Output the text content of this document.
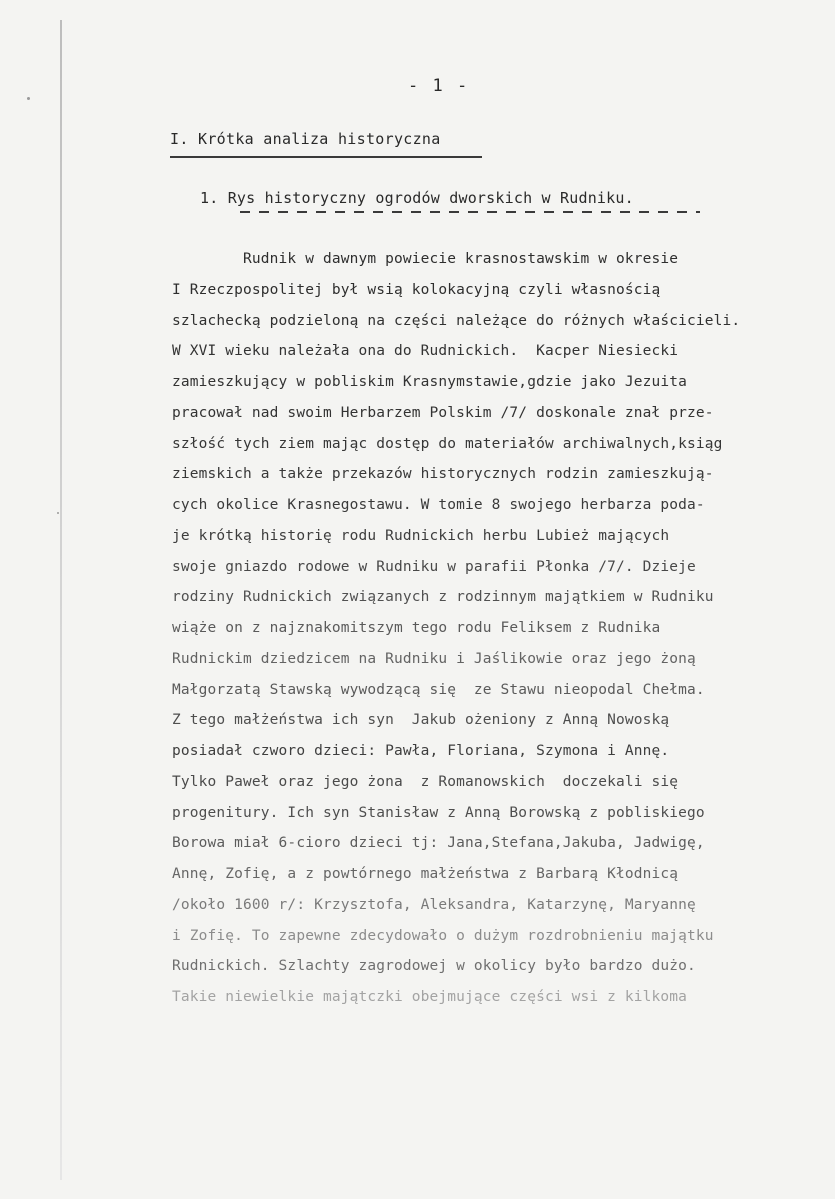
- 1 -
I. Krótka analiza historyczna
1. Rys historyczny ogrodów dworskich w Rudniku.
Rudnik w dawnym powiecie krasnostawskim w okresie
I Rzeczpospolitej był wsią kolokacyjną czyli własnością
szlachecką podzieloną na części należące do różnych właścicieli.
W XVI wieku należała ona do Rudnickich.  Kacper Niesiecki
zamieszkujący w pobliskim Krasnymstawie,gdzie jako Jezuita
pracował nad swoim Herbarzem Polskim /7/ doskonale znał prze-
szłość tych ziem mając dostęp do materiałów archiwalnych,ksiąg
ziemskich a także przekazów historycznych rodzin zamieszkują-
cych okolice Krasnegostawu. W tomie 8 swojego herbarza poda-
je krótką historię rodu Rudnickich herbu Lubież mających
swoje gniazdo rodowe w Rudniku w parafii Płonka /7/. Dzieje
rodziny Rudnickich związanych z rodzinnym majątkiem w Rudniku
wiąże on z najznakomitszym tego rodu Feliksem z Rudnika
Rudnickim dziedzicem na Rudniku i Jaślikowie oraz jego żoną
Małgorzatą Stawską wywodzącą się  ze Stawu nieopodal Chełma.
Z tego małżeństwa ich syn  Jakub ożeniony z Anną Nowoską
posiadał czworo dzieci: Pawła, Floriana, Szymona i Annę.
Tylko Paweł oraz jego żona  z Romanowskich  doczekali się
progenitury. Ich syn Stanisław z Anną Borowską z pobliskiego
Borowa miał 6-cioro dzieci tj: Jana,Stefana,Jakuba, Jadwigę,
Annę, Zofię, a z powtórnego małżeństwa z Barbarą Kłodnicą
/około 1600 r/: Krzysztofa, Aleksandra, Katarzynę, Maryannę
i Zofię. To zapewne zdecydowało o dużym rozdrobnieniu majątku
Rudnickich. Szlachty zagrodowej w okolicy było bardzo dużo.
Takie niewielkie majątczki obejmujące części wsi z kilkoma
